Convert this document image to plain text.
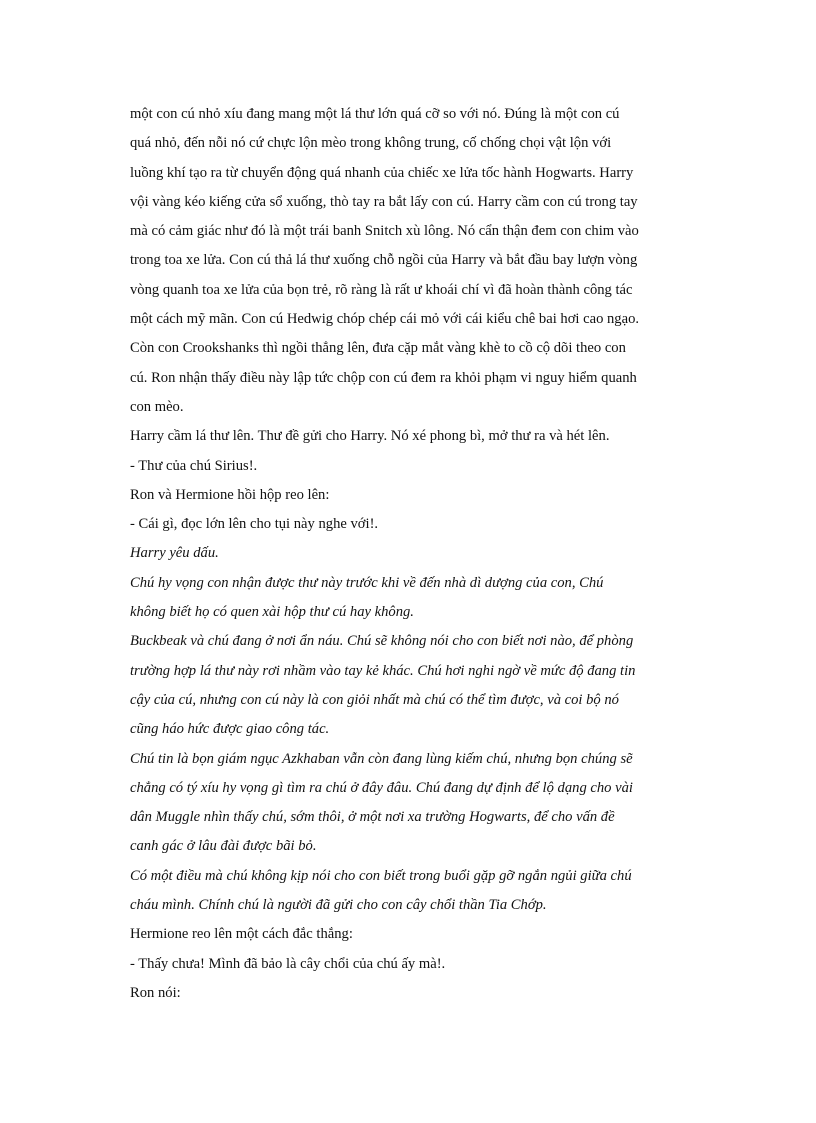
một con cú nhỏ xíu đang mang một lá thư lớn quá cỡ so với nó. Đúng là một con cú
quá nhỏ, đến nỗi nó cứ chực lộn mèo trong không trung, cố chống chọi vật lộn với
luồng khí tạo ra từ chuyển động quá nhanh của chiếc xe lửa tốc hành Hogwarts. Harry
vội vàng kéo kiếng cửa sổ xuống, thò tay ra bắt lấy con cú. Harry cầm con cú trong tay
mà có cảm giác như đó là một trái banh Snitch xù lông. Nó cẩn thận đem con chim vào
trong toa xe lửa. Con cú thả lá thư xuống chỗ ngồi của Harry và bắt đầu bay lượn vòng
vòng quanh toa xe lửa của bọn trẻ, rõ ràng là rất ư khoái chí vì đã hoàn thành công tác
một cách mỹ mãn. Con cú Hedwig chóp chép cái mỏ với cái kiểu chê bai hơi cao ngạo.
Còn con Crookshanks thì ngồi thẳng lên, đưa cặp mắt vàng khè to cồ cộ dõi theo con
cú. Ron nhận thấy điều này lập tức chộp con cú đem ra khỏi phạm vi nguy hiểm quanh
con mèo.
Harry cầm lá thư lên. Thư đề gửi cho Harry. Nó xé phong bì, mở thư ra và hét lên.
- Thư của chú Sirius!.
Ron và Hermione hồi hộp reo lên:
- Cái gì, đọc lớn lên cho tụi này nghe với!.
Harry yêu dấu.
Chú hy vọng con nhận được thư này trước khi về đến nhà dì dượng của con, Chú
không biết họ có quen xài hộp thư cú hay không.
Buckbeak và chú đang ở nơi ẩn náu. Chú sẽ không nói cho con biết nơi nào, để phòng
trường hợp lá thư này rơi nhầm vào tay kẻ khác. Chú hơi nghi ngờ về mức độ đang tin
cậy của cú, nhưng con cú này là con giỏi nhất mà chú có thể tìm được, và coi bộ nó
cũng háo hức được giao công tác.
Chú tin là bọn giám ngục Azkhaban vẫn còn đang lùng kiếm chú, nhưng bọn chúng sẽ
chẳng có tý xíu hy vọng gì tìm ra chú ở đây đâu. Chú đang dự định để lộ dạng cho vài
dân Muggle nhìn thấy chú, sớm thôi, ở một nơi xa trường Hogwarts, để cho vấn đề
canh gác ở lâu đài được bãi bỏ.
Có một điều mà chú không kịp nói cho con biết trong buổi gặp gỡ ngắn ngủi giữa chú
cháu mình. Chính chú là người đã gửi cho con cây chổi thần Tia Chớp.
Hermione reo lên một cách đắc thắng:
- Thấy chưa! Mình đã bảo là cây chổi của chú ấy mà!.
Ron nói:
